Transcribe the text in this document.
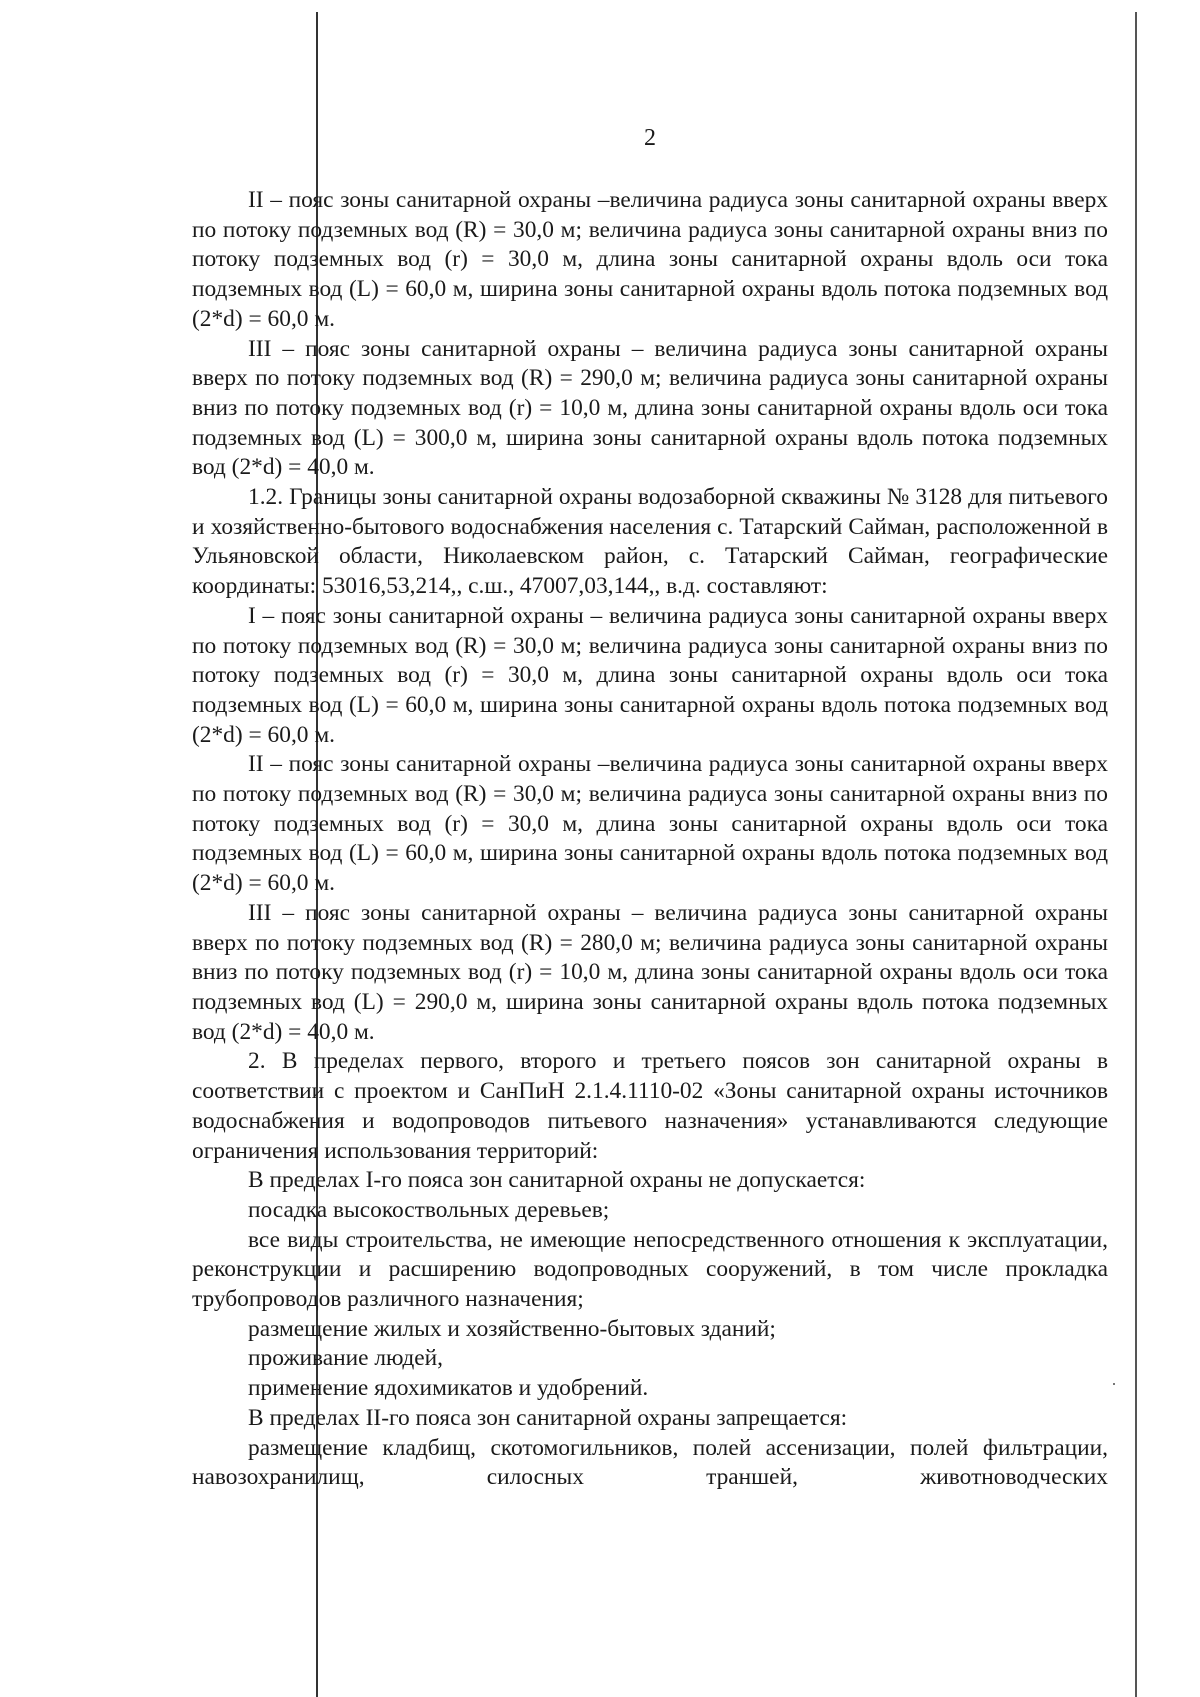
2

II – пояс зоны санитарной охраны –величина радиуса зоны санитарной охраны вверх по потоку подземных вод (R) = 30,0 м; величина радиуса зоны санитарной охраны вниз по потоку подземных вод (r) = 30,0 м, длина зоны санитарной охраны вдоль оси тока подземных вод (L) = 60,0 м, ширина зоны санитарной охраны вдоль потока подземных вод (2*d) = 60,0 м.

III – пояс зоны санитарной охраны – величина радиуса зоны санитарной охраны вверх по потоку подземных вод (R) = 290,0 м; величина радиуса зоны санитарной охраны вниз по потоку подземных вод (r) = 10,0 м, длина зоны санитарной охраны вдоль оси тока подземных вод (L) = 300,0 м, ширина зоны санитарной охраны вдоль потока подземных вод (2*d) = 40,0 м.

1.2. Границы зоны санитарной охраны водозаборной скважины № 3128 для питьевого и хозяйственно-бытового водоснабжения населения с. Татарский Сайман, расположенной в Ульяновской области, Николаевском район, с. Татарский Сайман, географические координаты: 53016,53,214,, с.ш., 47007,03,144,, в.д. составляют:

I – пояс зоны санитарной охраны – величина радиуса зоны санитарной охраны вверх по потоку подземных вод (R) = 30,0 м; величина радиуса зоны санитарной охраны вниз по потоку подземных вод (r) = 30,0 м, длина зоны санитарной охраны вдоль оси тока подземных вод (L) = 60,0 м, ширина зоны санитарной охраны вдоль потока подземных вод (2*d) = 60,0 м.

II – пояс зоны санитарной охраны –величина радиуса зоны санитарной охраны вверх по потоку подземных вод (R) = 30,0 м; величина радиуса зоны санитарной охраны вниз по потоку подземных вод (r) = 30,0 м, длина зоны санитарной охраны вдоль оси тока подземных вод (L) = 60,0 м, ширина зоны санитарной охраны вдоль потока подземных вод (2*d) = 60,0 м.

III – пояс зоны санитарной охраны – величина радиуса зоны санитарной охраны вверх по потоку подземных вод (R) = 280,0 м; величина радиуса зоны санитарной охраны вниз по потоку подземных вод (r) = 10,0 м, длина зоны санитарной охраны вдоль оси тока подземных вод (L) = 290,0 м, ширина зоны санитарной охраны вдоль потока подземных вод (2*d) = 40,0 м.

2. В пределах первого, второго и третьего поясов зон санитарной охраны в соответствии с проектом и СанПиН 2.1.4.1110-02 «Зоны санитарной охраны источников водоснабжения и водопроводов питьевого назначения» устанавливаются следующие ограничения использования территорий:

В пределах I-го пояса зон санитарной охраны не допускается:

посадка высокоствольных деревьев;

все виды строительства, не имеющие непосредственного отношения к эксплуатации, реконструкции и расширению водопроводных сооружений, в том числе прокладка трубопроводов различного назначения;

размещение жилых и хозяйственно-бытовых зданий;

проживание людей,

применение ядохимикатов и удобрений.

В пределах II-го пояса зон санитарной охраны запрещается:

размещение кладбищ, скотомогильников, полей ассенизации, полей фильтрации, навозохранилищ, силосных траншей, животноводческих
